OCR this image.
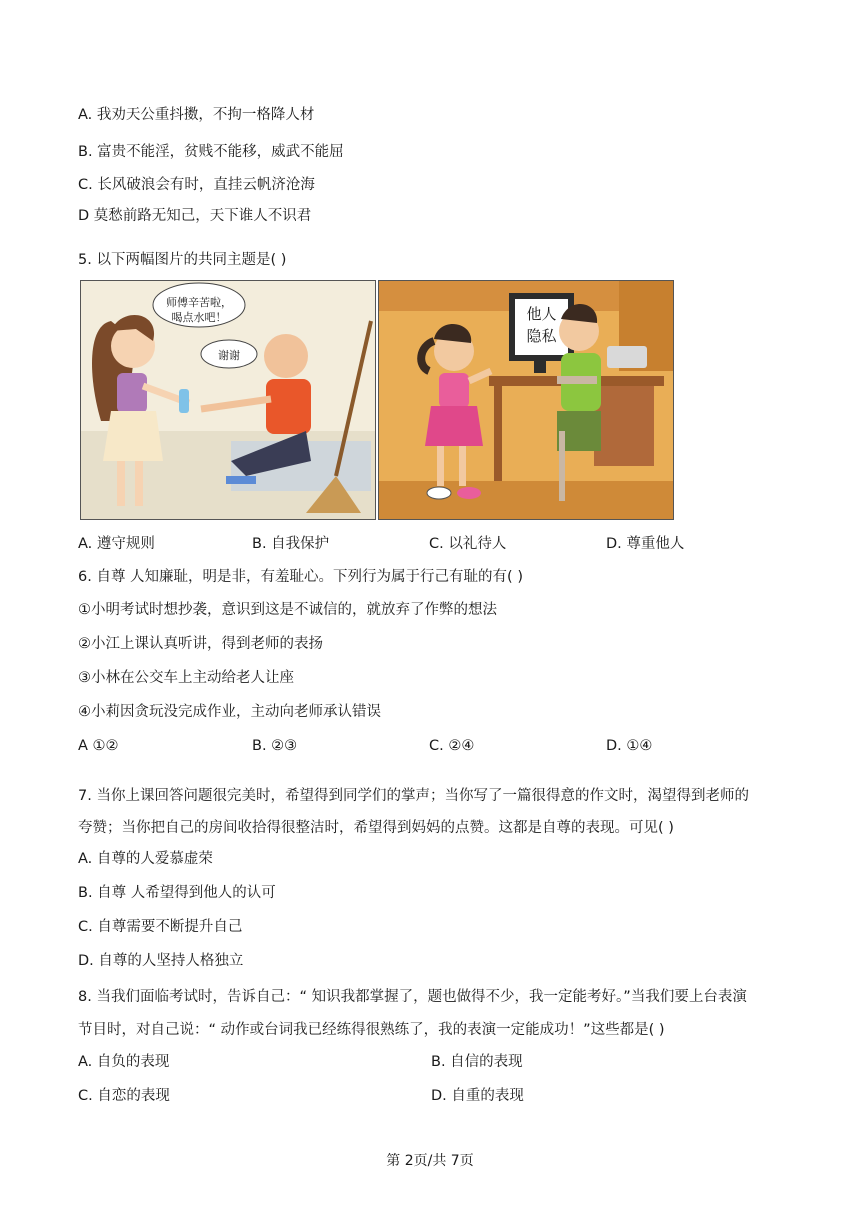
A. 我劝天公重抖擞，不拘一格降人材
B. 富贵不能淫，贫贱不能移，威武不能屈
C. 长风破浪会有时，直挂云帆济沧海
D 莫愁前路无知己，天下谁人不识君
5. 以下两幅图片的共同主题是( )
师傅辛苦啦，
喝点水吧！
谢谢
他人
隐私
A. 遵守规则	B. 自我保护	C. 以礼待人	D. 尊重他人
6. 自尊 人知廉耻，明是非，有羞耻心。下列行为属于行己有耻的有( )
①小明考试时想抄袭，意识到这是不诚信的，就放弃了作弊的想法
②小江上课认真听讲，得到老师的表扬
③小林在公交车上主动给老人让座
④小莉因贪玩没完成作业，主动向老师承认错误
A ①②	B. ②③	C. ②④	D. ①④
7. 当你上课回答问题很完美时，希望得到同学们的掌声；当你写了一篇很得意的作文时，渴望得到老师的
夸赞；当你把自己的房间收拾得很整洁时，希望得到妈妈的点赞。这都是自尊的表现。可见( )
A. 自尊的人爱慕虚荣
B. 自尊 人希望得到他人的认可
C. 自尊需要不断提升自己
D. 自尊的人坚持人格独立
8. 当我们面临考试时，告诉自己：“ 知识我都掌握了，题也做得不少，我一定能考好。”当我们要上台表演
节目时，对自己说：“ 动作或台词我已经练得很熟练了，我的表演一定能成功！”这些都是( )
A. 自负的表现	B. 自信的表现
C. 自恋的表现	D. 自重的表现
第 2页/共 7页
